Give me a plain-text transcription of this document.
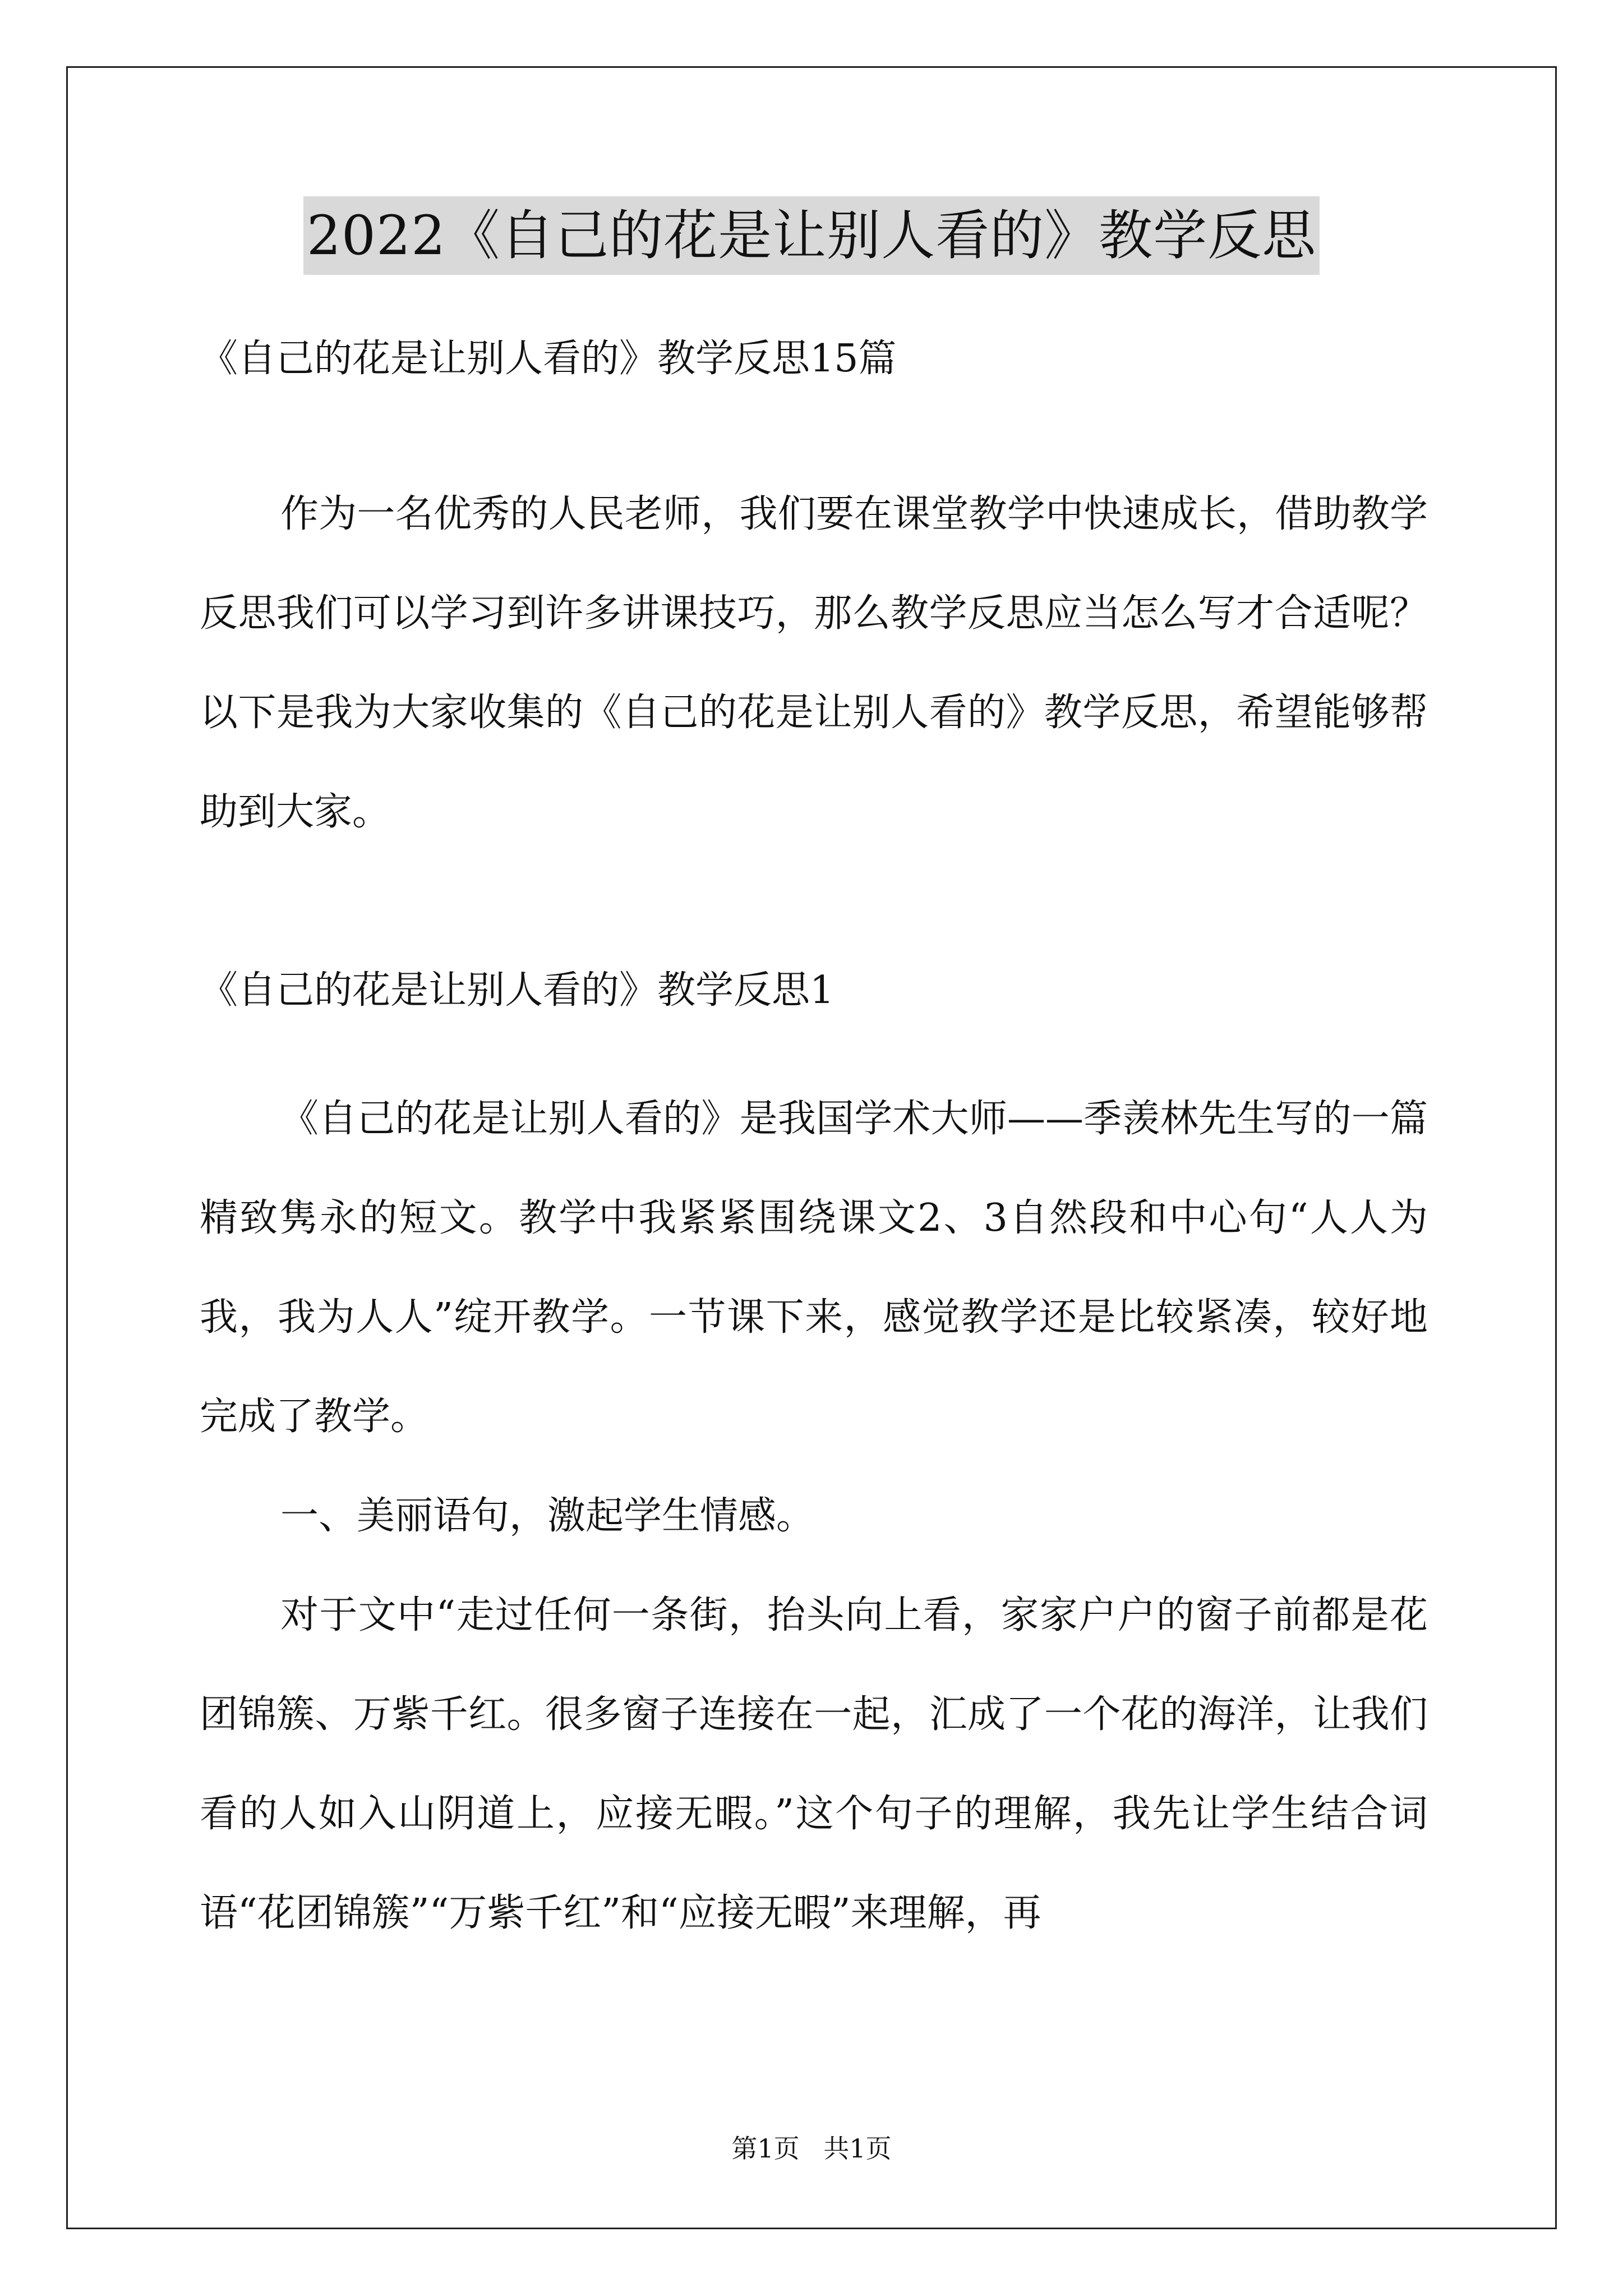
2022《自己的花是让别人看的》教学反思
《自己的花是让别人看的》教学反思15篇

作为一名优秀的人民老师，我们要在课堂教学中快速成长，借助教学反思我们可以学习到许多讲课技巧，那么教学反思应当怎么写才合适呢？以下是我为大家收集的《自己的花是让别人看的》教学反思，希望能够帮助到大家。

《自己的花是让别人看的》教学反思1

《自己的花是让别人看的》是我国学术大师——季羡林先生写的一篇精致隽永的短文。教学中我紧紧围绕课文2、3自然段和中心句“人人为我，我为人人”绽开教学。一节课下来，感觉教学还是比较紧凑，较好地完成了教学。

一、美丽语句，激起学生情感。

对于文中“走过任何一条街，抬头向上看，家家户户的窗子前都是花团锦簇、万紫千红。很多窗子连接在一起，汇成了一个花的海洋，让我们看的人如入山阴道上，应接无暇。”这个句子的理解，我先让学生结合词语“花团锦簇”“万紫千红”和“应接无暇”来理解，再

第1页 共1页
